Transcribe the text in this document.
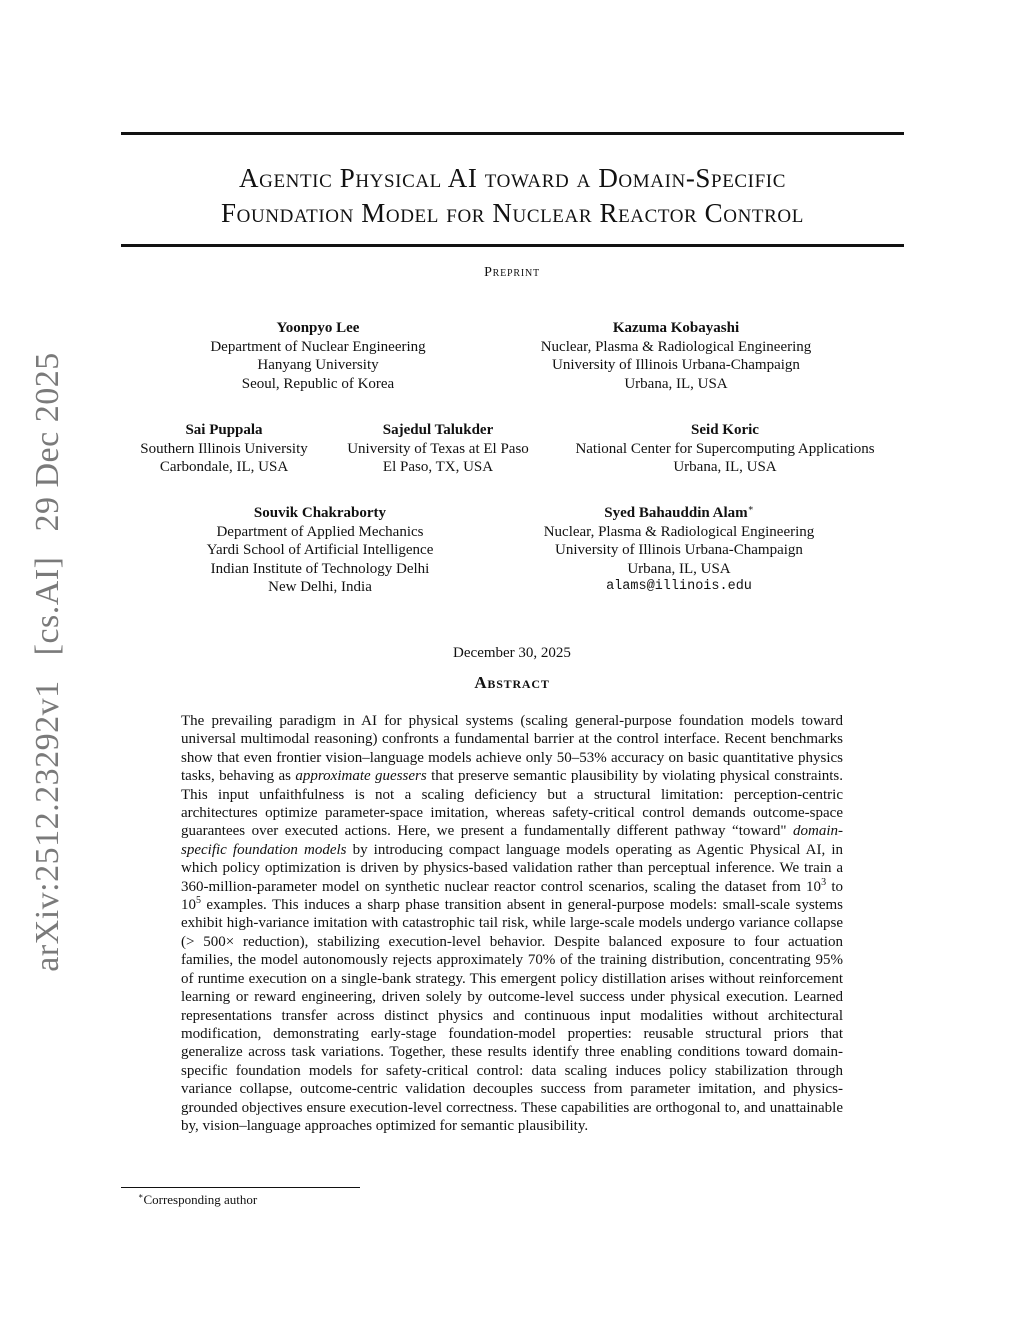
arXiv:2512.23292v1 [cs.AI] 29 Dec 2025
Agentic Physical AI toward a Domain-Specific
Foundation Model for Nuclear Reactor Control
Preprint
Yoonpyo Lee
Department of Nuclear Engineering
Hanyang University
Seoul, Republic of Korea
Kazuma Kobayashi
Nuclear, Plasma & Radiological Engineering
University of Illinois Urbana-Champaign
Urbana, IL, USA
Sai Puppala
Southern Illinois University
Carbondale, IL, USA
Sajedul Talukder
University of Texas at El Paso
El Paso, TX, USA
Seid Koric
National Center for Supercomputing Applications
Urbana, IL, USA
Souvik Chakraborty
Department of Applied Mechanics
Yardi School of Artificial Intelligence
Indian Institute of Technology Delhi
New Delhi, India
Syed Bahauddin Alam∗
Nuclear, Plasma & Radiological Engineering
University of Illinois Urbana-Champaign
Urbana, IL, USA
alams@illinois.edu
December 30, 2025
Abstract

The prevailing paradigm in AI for physical systems (scaling general-purpose foundation models toward universal multimodal reasoning) confronts a fundamental barrier at the control interface. Recent benchmarks show that even frontier vision–language models achieve only 50–53% accuracy on basic quantitative physics tasks, behaving as approximate guessers that preserve semantic plausibility by violating physical constraints. This input unfaithfulness is not a scaling deficiency but a structural limitation: perception-centric architectures optimize parameter-space imitation, whereas safety-critical control demands outcome-space guarantees over executed actions. Here, we present a fundamentally different pathway “toward" domain-specific foundation models by introducing compact language models operating as Agentic Physical AI, in which policy optimization is driven by physics-based validation rather than perceptual inference. We train a 360-million-parameter model on synthetic nuclear reactor control scenarios, scaling the dataset from $10^3$ to $10^5$ examples. This induces a sharp phase transition absent in general-purpose models: small-scale systems exhibit high-variance imitation with catastrophic tail risk, while large-scale models undergo variance collapse (> 500× reduction), stabilizing execution-level behavior. Despite balanced exposure to four actuation families, the model autonomously rejects approximately 70% of the training distribution, concentrating 95% of runtime execution on a single-bank strategy. This emergent policy distillation arises without reinforcement learning or reward engineering, driven solely by outcome-level success under physical execution. Learned representations transfer across distinct physics and continuous input modalities without architectural modification, demonstrating early-stage foundation-model properties: reusable structural priors that generalize across task variations. Together, these results identify three enabling conditions toward domain-specific foundation models for safety-critical control: data scaling induces policy stabilization through variance collapse, outcome-centric validation decouples success from parameter imitation, and physics-grounded objectives ensure execution-level correctness. These capabilities are orthogonal to, and unattainable by, vision–language approaches optimized for semantic plausibility.

∗Corresponding author
